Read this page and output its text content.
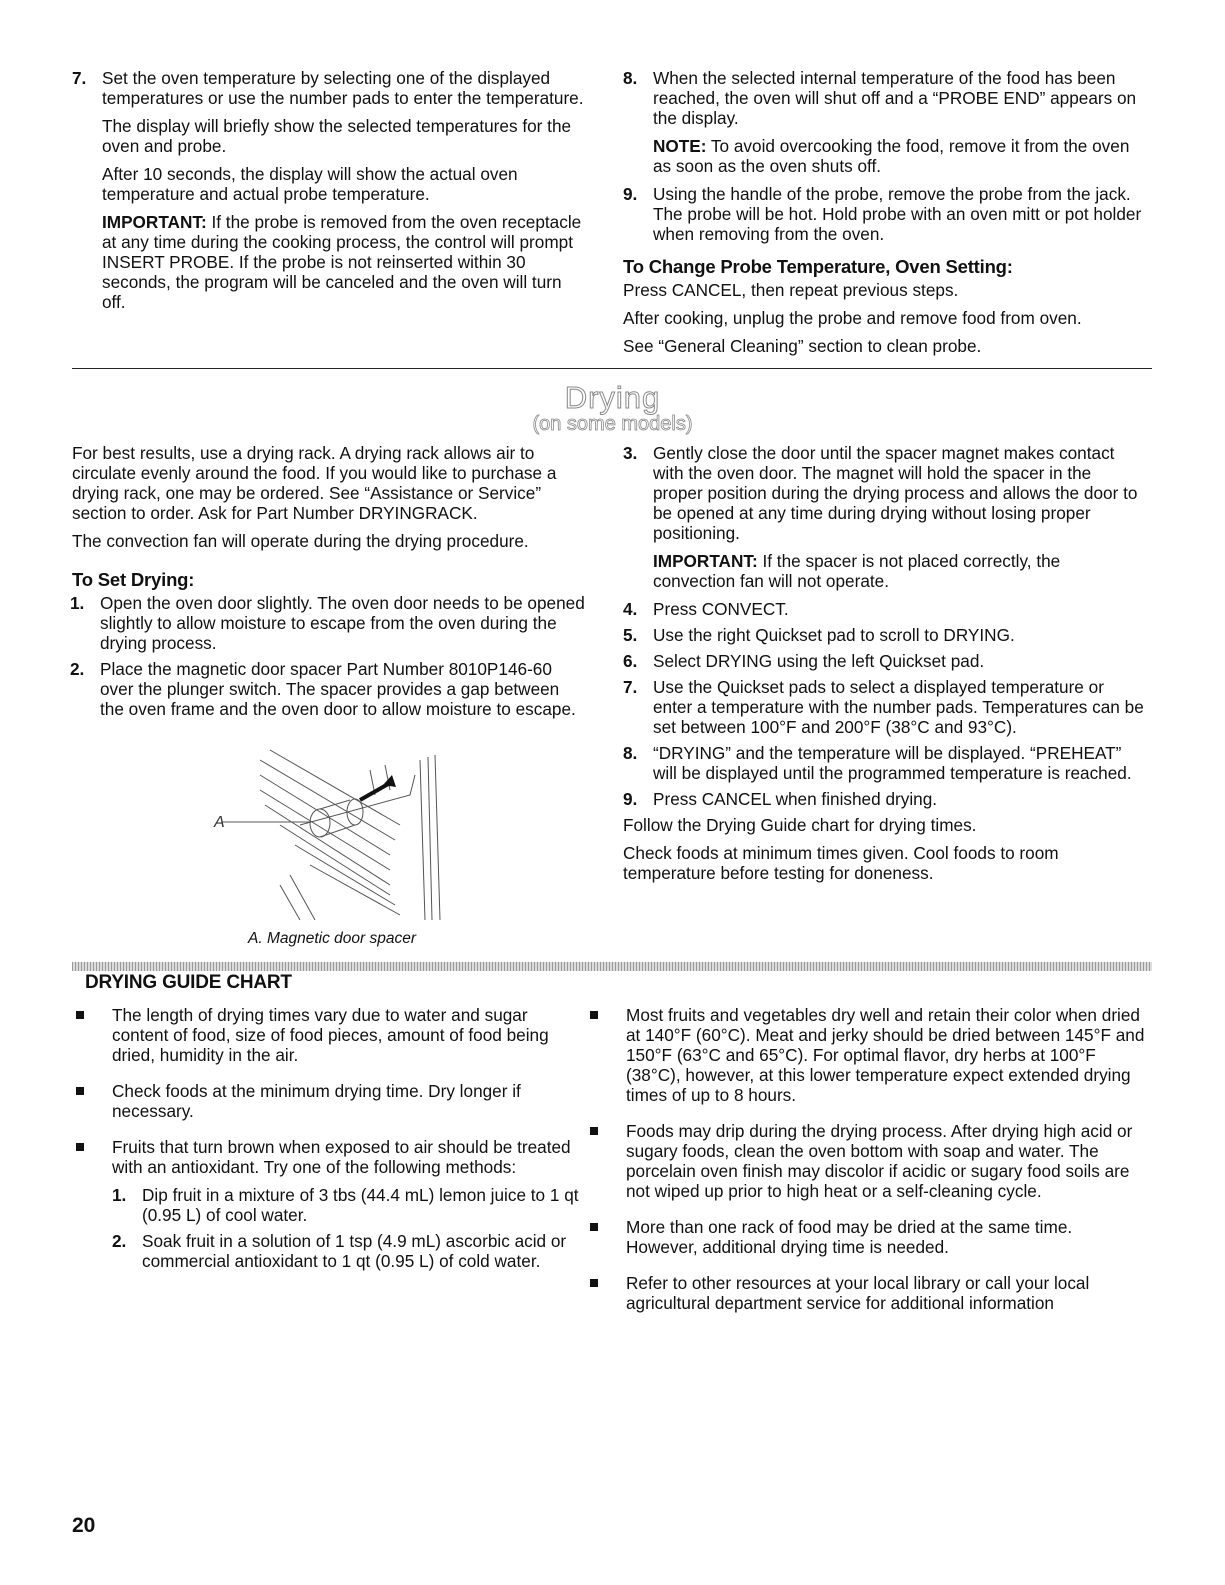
7. Set the oven temperature by selecting one of the displayed temperatures or use the number pads to enter the temperature.

The display will briefly show the selected temperatures for the oven and probe.

After 10 seconds, the display will show the actual oven temperature and actual probe temperature.

IMPORTANT: If the probe is removed from the oven receptacle at any time during the cooking process, the control will prompt INSERT PROBE. If the probe is not reinserted within 30 seconds, the program will be canceled and the oven will turn off.

8. When the selected internal temperature of the food has been reached, the oven will shut off and a “PROBE END” appears on the display.

NOTE: To avoid overcooking the food, remove it from the oven as soon as the oven shuts off.

9. Using the handle of the probe, remove the probe from the jack. The probe will be hot. Hold probe with an oven mitt or pot holder when removing from the oven.

To Change Probe Temperature, Oven Setting:

Press CANCEL, then repeat previous steps.

After cooking, unplug the probe and remove food from oven.

See “General Cleaning” section to clean probe.

Drying
(on some models)

For best results, use a drying rack. A drying rack allows air to circulate evenly around the food. If you would like to purchase a drying rack, one may be ordered. See “Assistance or Service” section to order. Ask for Part Number DRYINGRACK.

The convection fan will operate during the drying procedure.

To Set Drying:
1. Open the oven door slightly. The oven door needs to be opened slightly to allow moisture to escape from the oven during the drying process.
2. Place the magnetic door spacer Part Number 8010P146-60 over the plunger switch. The spacer provides a gap between the oven frame and the oven door to allow moisture to escape.
A
A. Magnetic door spacer
3. Gently close the door until the spacer magnet makes contact with the oven door. The magnet will hold the spacer in the proper position during the drying process and allows the door to be opened at any time during drying without losing proper positioning.

IMPORTANT: If the spacer is not placed correctly, the convection fan will not operate.

4. Press CONVECT.
5. Use the right Quickset pad to scroll to DRYING.
6. Select DRYING using the left Quickset pad.
7. Use the Quickset pads to select a displayed temperature or enter a temperature with the number pads. Temperatures can be set between 100°F and 200°F (38°C and 93°C).
8. “DRYING” and the temperature will be displayed. “PREHEAT” will be displayed until the programmed temperature is reached.
9. Press CANCEL when finished drying.

Follow the Drying Guide chart for drying times.

Check foods at minimum times given. Cool foods to room temperature before testing for doneness.

DRYING GUIDE CHART
The length of drying times vary due to water and sugar content of food, size of food pieces, amount of food being dried, humidity in the air.
Check foods at the minimum drying time. Dry longer if necessary.
Fruits that turn brown when exposed to air should be treated with an antioxidant. Try one of the following methods:
1. Dip fruit in a mixture of 3 tbs (44.4 mL) lemon juice to 1 qt (0.95 L) of cool water.
2. Soak fruit in a solution of 1 tsp (4.9 mL) ascorbic acid or commercial antioxidant to 1 qt (0.95 L) of cold water.
Most fruits and vegetables dry well and retain their color when dried at 140°F (60°C). Meat and jerky should be dried between 145°F and 150°F (63°C and 65°C). For optimal flavor, dry herbs at 100°F (38°C), however, at this lower temperature expect extended drying times of up to 8 hours.
Foods may drip during the drying process. After drying high acid or sugary foods, clean the oven bottom with soap and water. The porcelain oven finish may discolor if acidic or sugary food soils are not wiped up prior to high heat or a self-cleaning cycle.
More than one rack of food may be dried at the same time. However, additional drying time is needed.
Refer to other resources at your local library or call your local agricultural department service for additional information
20
